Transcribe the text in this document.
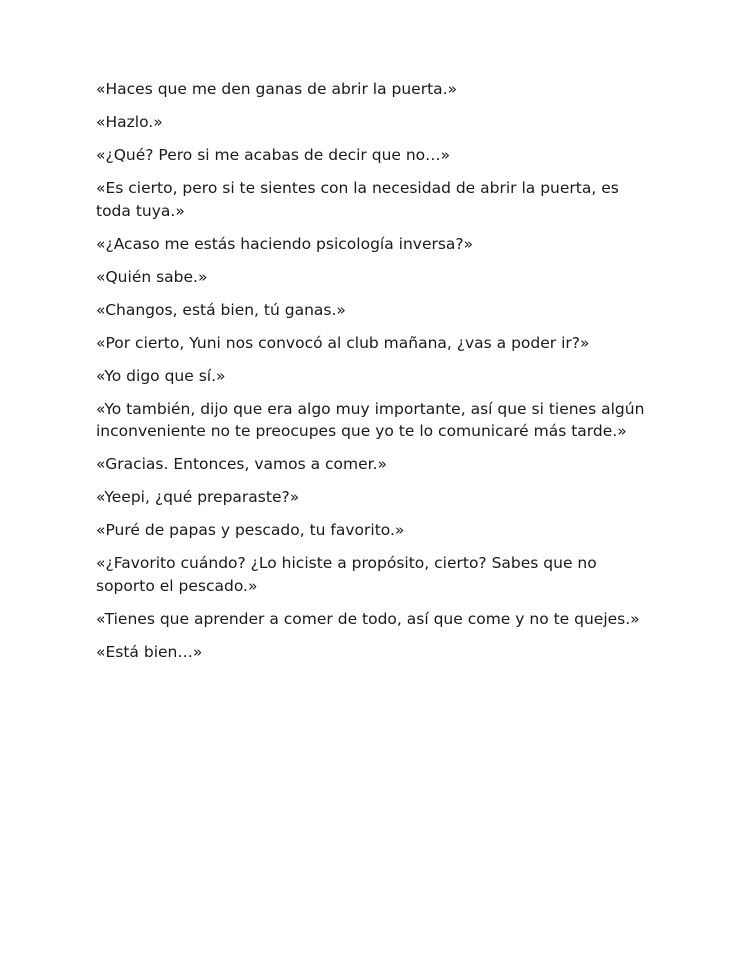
«Haces que me den ganas de abrir la puerta.»

«Hazlo.»

«¿Qué? Pero si me acabas de decir que no…»

«Es cierto, pero si te sientes con la necesidad de abrir la puerta, es toda tuya.»

«¿Acaso me estás haciendo psicología inversa?»

«Quién sabe.»

«Changos, está bien, tú ganas.»

«Por cierto, Yuni nos convocó al club mañana, ¿vas a poder ir?»

«Yo digo que sí.»

«Yo también, dijo que era algo muy importante, así que si tienes algún inconveniente no te preocupes que yo te lo comunicaré más tarde.»

«Gracias. Entonces, vamos a comer.»

«Yeepi, ¿qué preparaste?»

«Puré de papas y pescado, tu favorito.»

«¿Favorito cuándo? ¿Lo hiciste a propósito, cierto? Sabes que no soporto el pescado.»

«Tienes que aprender a comer de todo, así que come y no te quejes.»

«Está bien…»
